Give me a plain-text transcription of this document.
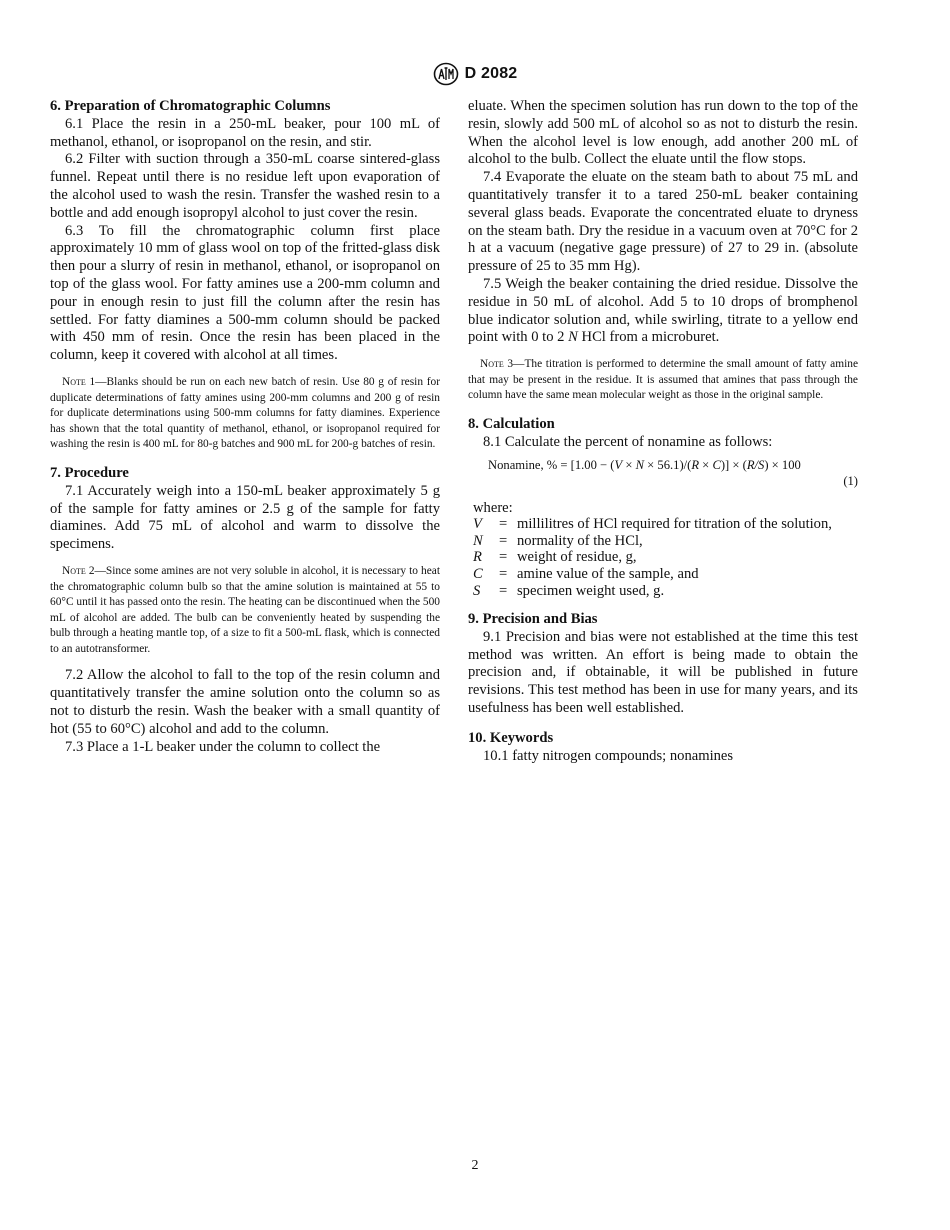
D 2082
6. Preparation of Chromatographic Columns

6.1 Place the resin in a 250-mL beaker, pour 100 mL of methanol, ethanol, or isopropanol on the resin, and stir.

6.2 Filter with suction through a 350-mL coarse sintered-glass funnel. Repeat until there is no residue left upon evaporation of the alcohol used to wash the resin. Transfer the washed resin to a bottle and add enough isopropyl alcohol to just cover the resin.

6.3 To fill the chromatographic column first place approximately 10 mm of glass wool on top of the fritted-glass disk then pour a slurry of resin in methanol, ethanol, or isopropanol on top of the glass wool. For fatty amines use a 200-mm column and pour in enough resin to just fill the column after the resin has settled. For fatty diamines a 500-mm column should be packed with 450 mm of resin. Once the resin has been placed in the column, keep it covered with alcohol at all times.

Note 1—Blanks should be run on each new batch of resin. Use 80 g of resin for duplicate determinations of fatty amines using 200-mm columns and 200 g of resin for duplicate determinations using 500-mm columns for fatty diamines. Experience has shown that the total quantity of methanol, ethanol, or isopropanol required for washing the resin is 400 mL for 80-g batches and 900 mL for 200-g batches of resin.

7. Procedure

7.1 Accurately weigh into a 150-mL beaker approximately 5 g of the sample for fatty amines or 2.5 g of the sample for fatty diamines. Add 75 mL of alcohol and warm to dissolve the specimens.

Note 2—Since some amines are not very soluble in alcohol, it is necessary to heat the chromatographic column bulb so that the amine solution is maintained at 55 to 60°C until it has passed onto the resin. The heating can be discontinued when the 500 mL of alcohol are added. The bulb can be conveniently heated by suspending the bulb through a heating mantle top, of a size to fit a 500-mL flask, which is connected to an autotransformer.

7.2 Allow the alcohol to fall to the top of the resin column and quantitatively transfer the amine solution onto the column so as not to disturb the resin. Wash the beaker with a small quantity of hot (55 to 60°C) alcohol and add to the column.

7.3 Place a 1-L beaker under the column to collect the

eluate. When the specimen solution has run down to the top of the resin, slowly add 500 mL of alcohol so as not to disturb the resin. When the alcohol level is low enough, add another 200 mL of alcohol to the bulb. Collect the eluate until the flow stops.

7.4 Evaporate the eluate on the steam bath to about 75 mL and quantitatively transfer it to a tared 250-mL beaker containing several glass beads. Evaporate the concentrated eluate to dryness on the steam bath. Dry the residue in a vacuum oven at 70°C for 2 h at a vacuum (negative gage pressure) of 27 to 29 in. (absolute pressure of 25 to 35 mm Hg).

7.5 Weigh the beaker containing the dried residue. Dissolve the residue in 50 mL of alcohol. Add 5 to 10 drops of bromphenol blue indicator solution and, while swirling, titrate to a yellow end point with 0 to 2 N HCl from a microburet.

Note 3—The titration is performed to determine the small amount of fatty amine that may be present in the residue. It is assumed that amines that pass through the column have the same mean molecular weight as those in the original sample.

8. Calculation

8.1 Calculate the percent of nonamine as follows:

Nonamine, % = [1.00 − (V × N × 56.1)/(R × C)] × (R/S) × 100
(1)
where:
V	= millilitres of HCl required for titration of the solution,
N	= normality of the HCl,
R	= weight of residue, g,
C	= amine value of the sample, and
S	= specimen weight used, g.
9. Precision and Bias

9.1 Precision and bias were not established at the time this test method was written. An effort is being made to obtain the precision and, if obtainable, it will be published in future revisions. This test method has been in use for many years, and its usefulness has been well established.

10. Keywords

10.1 fatty nitrogen compounds; nonamines

2
